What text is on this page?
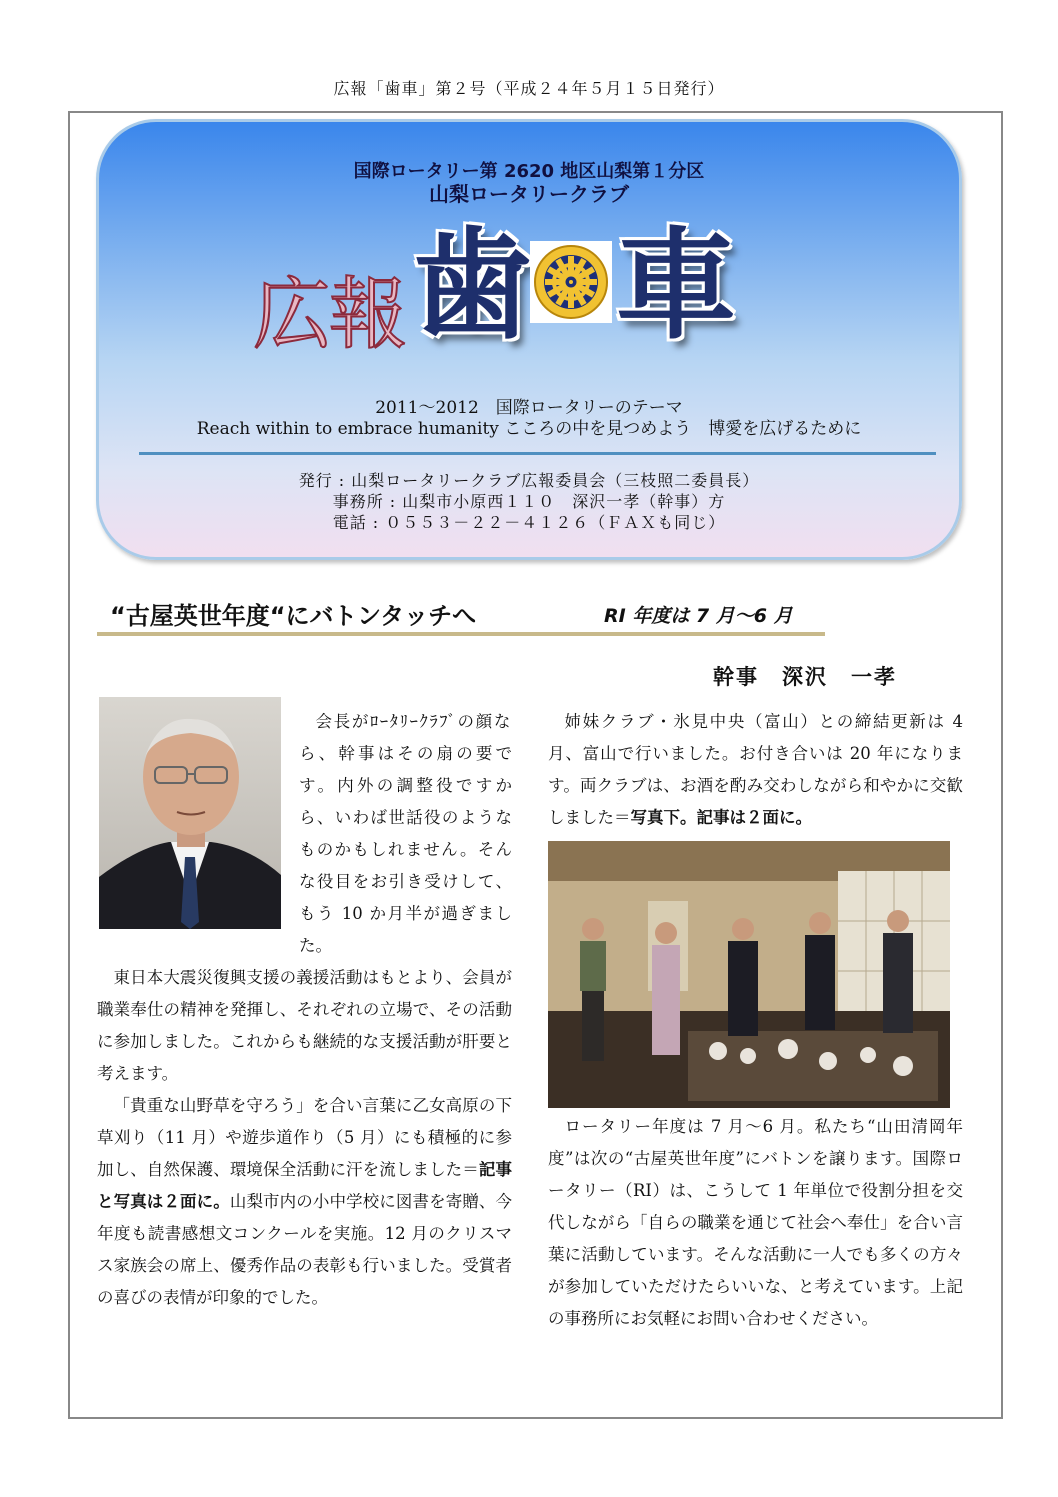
広報「歯車」第２号（平成２４年５月１５日発行）
国際ロータリー第 2620 地区山梨第１分区
山梨ロータリークラブ
広報 歯 車
2011～2012　国際ロータリーのテーマ
Reach within to embrace humanity こころの中を見つめよう　博愛を広げるために
発行 : 山梨ロータリークラブ広報委員会（三枝照二委員長）
事務所 : 山梨市小原西１１０　深沢一孝（幹事）方
電話 : ０５５３－２２－４１２６（ＦＡＸも同じ）
“古屋英世年度“にバトンタッチへ	RI 年度は 7 月～6 月
幹事　深沢　一孝

会長がﾛｰﾀﾘｰｸﾗﾌﾞの顔なら、幹事はその扇の要です。内外の調整役ですから、いわば世話役のようなものかもしれません。そんな役目をお引き受けして、もう 10 か月半が過ぎました。

東日本大震災復興支援の義援活動はもとより、会員が職業奉仕の精神を発揮し、それぞれの立場で、その活動に参加しました。これからも継続的な支援活動が肝要と考えます。

「貴重な山野草を守ろう」を合い言葉に乙女高原の下草刈り（11 月）や遊歩道作り（5 月）にも積極的に参加し、自然保護、環境保全活動に汗を流しました＝記事と写真は２面に。山梨市内の小中学校に図書を寄贈、今年度も読書感想文コンクールを実施。12 月のクリスマス家族会の席上、優秀作品の表彰も行いました。受賞者の喜びの表情が印象的でした。

姉妹クラブ・氷見中央（富山）との締結更新は 4 月、富山で行いました。お付き合いは 20 年になります。両クラブは、お酒を酌み交わしながら和やかに交歓しました＝写真下。記事は２面に。

ロータリー年度は 7 月～6 月。私たち“山田清岡年度”は次の“古屋英世年度”にバトンを譲ります。国際ロータリー（RI）は、こうして 1 年単位で役割分担を交代しながら「自らの職業を通じて社会へ奉仕」を合い言葉に活動しています。そんな活動に一人でも多くの方々が参加していただけたらいいな、と考えています。上記の事務所にお気軽にお問い合わせください。
